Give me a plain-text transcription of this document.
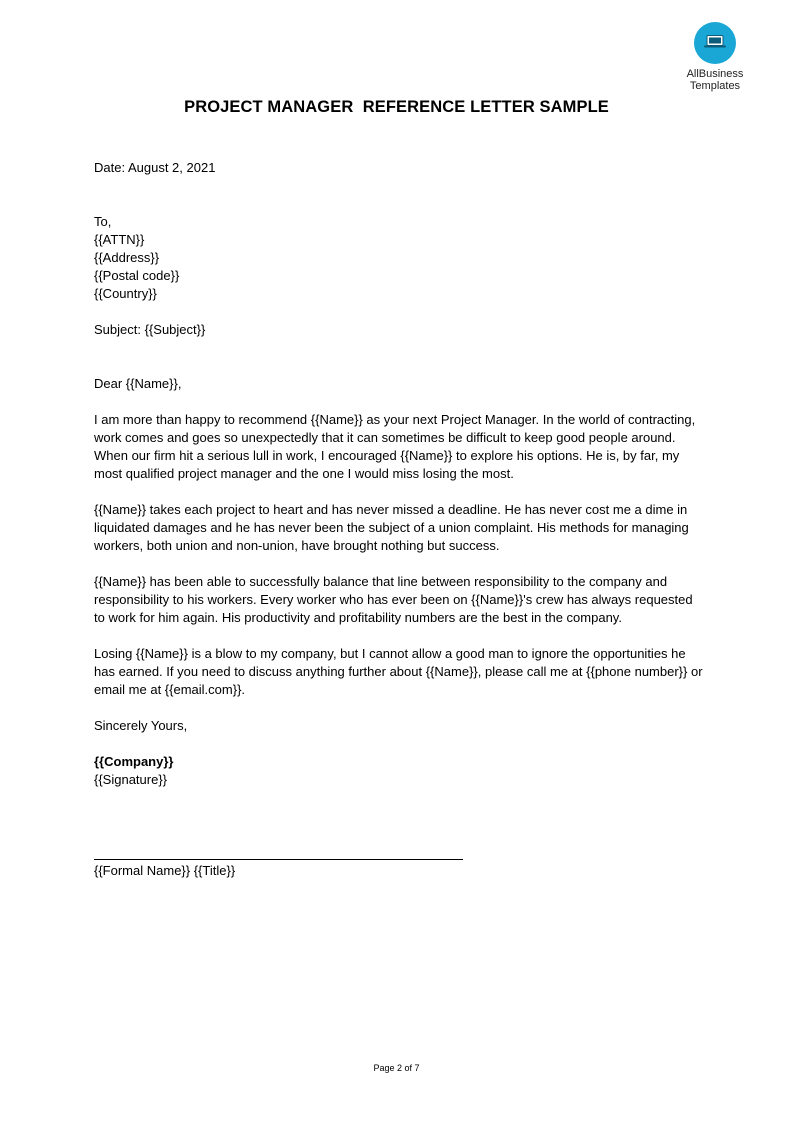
AllBusiness
Templates
PROJECT MANAGER  REFERENCE LETTER SAMPLE

Date: August 2, 2021

To,

{{ATTN}}

{{Address}}

{{Postal code}}

{{Country}}

Subject: {{Subject}}

Dear {{Name}},

I am more than happy to recommend {{Name}} as your next Project Manager. In the world of contracting, work comes and goes so unexpectedly that it can sometimes be difficult to keep good people around. When our firm hit a serious lull in work, I encouraged {{Name}} to explore his options. He is, by far, my most qualified project manager and the one I would miss losing the most.

{{Name}} takes each project to heart and has never missed a deadline. He has never cost me a dime in liquidated damages and he has never been the subject of a union complaint. His methods for managing workers, both union and non-union, have brought nothing but success.

{{Name}} has been able to successfully balance that line between responsibility to the company and responsibility to his workers. Every worker who has ever been on {{Name}}'s crew has always requested to work for him again. His productivity and profitability numbers are the best in the company.

Losing {{Name}} is a blow to my company, but I cannot allow a good man to ignore the opportunities he has earned. If you need to discuss anything further about {{Name}}, please call me at {{phone number}} or email me at {{email.com}}.

Sincerely Yours,

{{Company}}

{{Signature}}

{{Formal Name}} {{Title}}
Page 2 of 7
